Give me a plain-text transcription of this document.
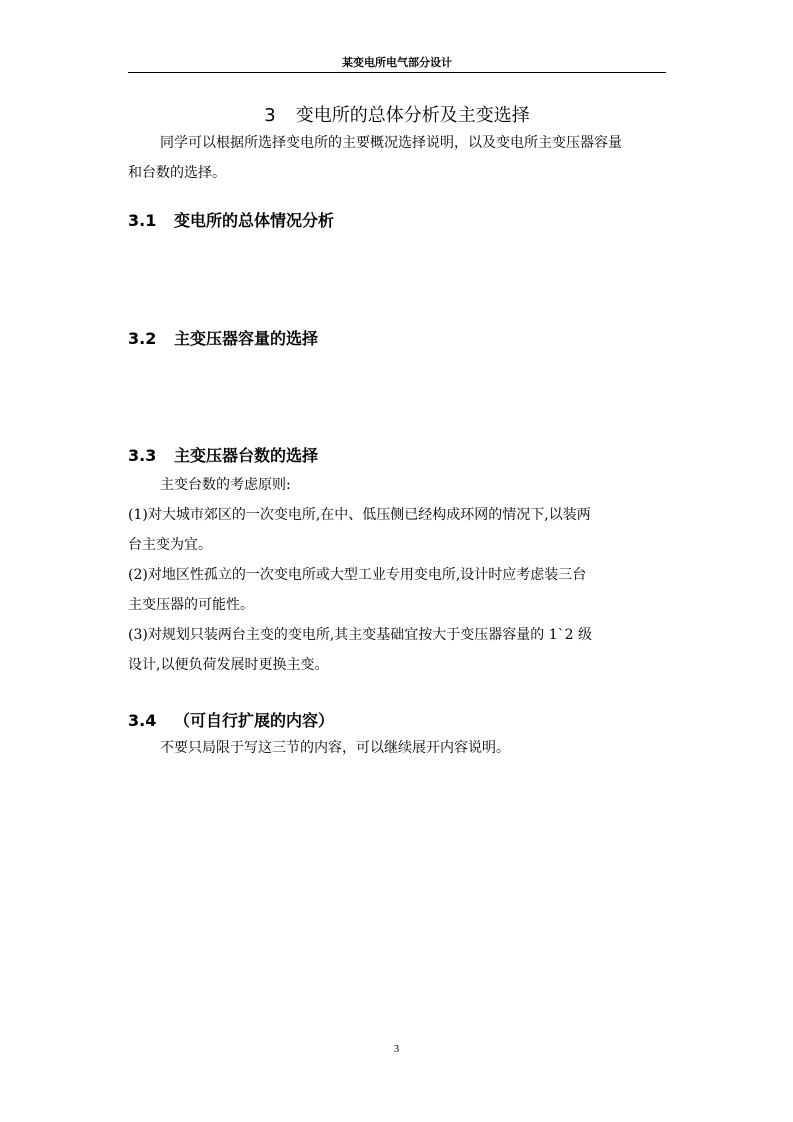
某变电所电气部分设计
3 变电所的总体分析及主变选择

同学可以根据所选择变电所的主要概况选择说明，以及变电所主变压器容量
和台数的选择。

3.1 变电所的总体情况分析
3.2 主变压器容量的选择
3.3 主变压器台数的选择

主变台数的考虑原则:
(1)对大城市郊区的一次变电所,在中、低压侧已经构成环网的情况下,以装两
台主变为宜。
(2)对地区性孤立的一次变电所或大型工业专用变电所,设计时应考虑装三台
主变压器的可能性。
(3)对规划只装两台主变的变电所,其主变基础宜按大于变压器容量的 1`2 级
设计,以便负荷发展时更换主变。

3.4 （可自行扩展的内容）

不要只局限于写这三节的内容，可以继续展开内容说明。

3
